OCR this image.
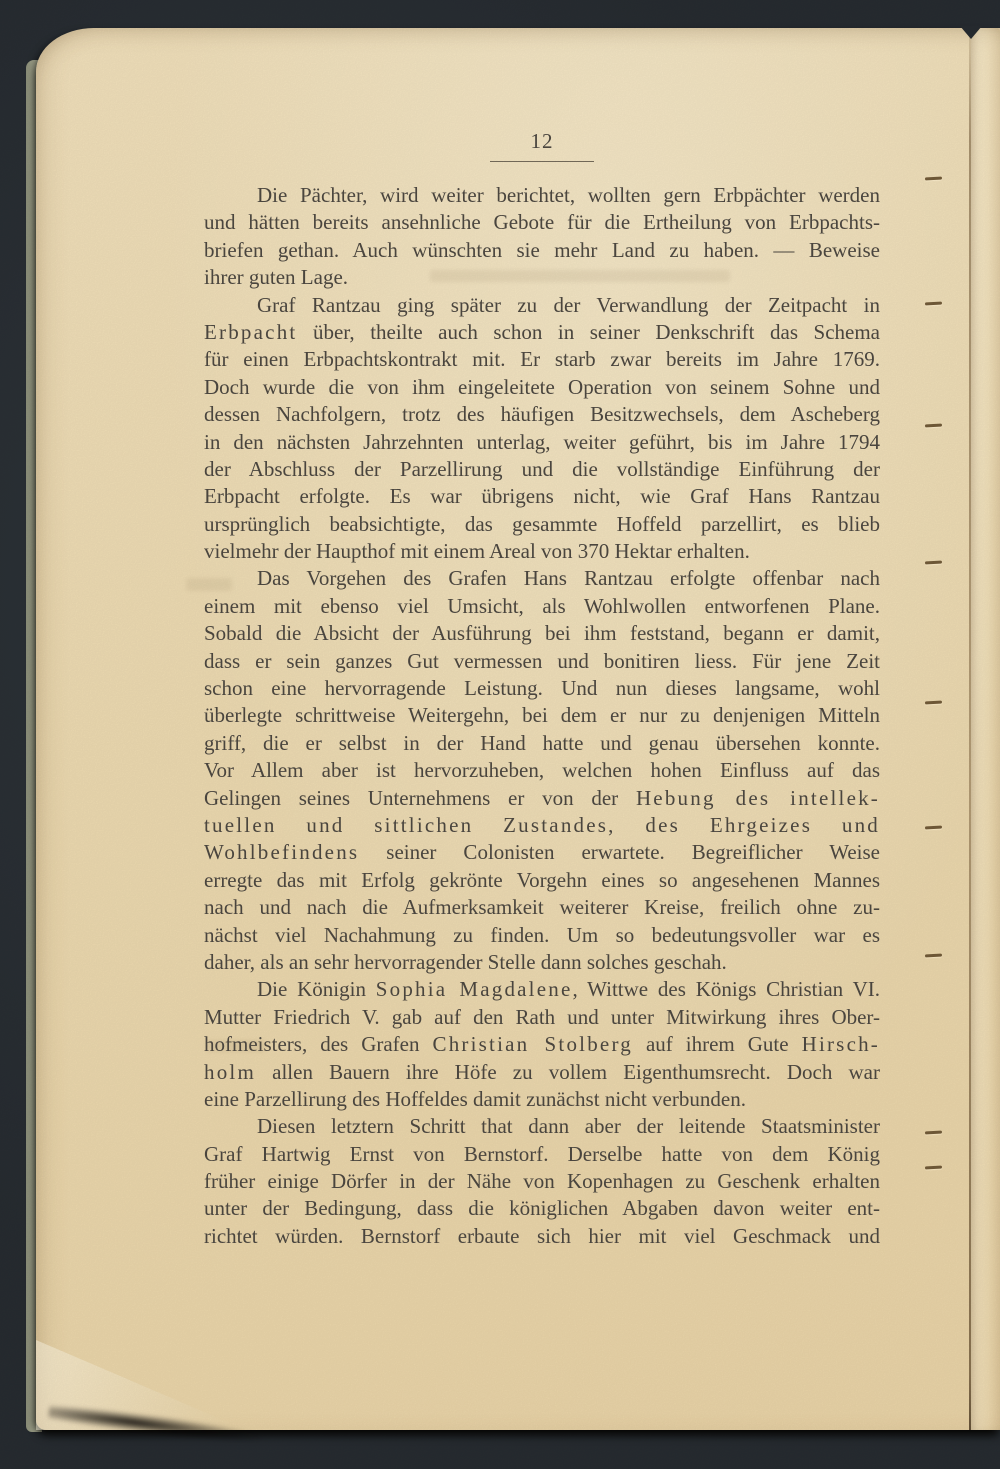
12
Die Pächter, wird weiter berichtet, wollten gern Erbpächter werden
und hätten bereits ansehnliche Gebote für die Ertheilung von Erbpachts-
briefen gethan. Auch wünschten sie mehr Land zu haben. — Beweise
ihrer guten Lage.
Graf Rantzau ging später zu der Verwandlung der Zeitpacht in
Erbpacht über, theilte auch schon in seiner Denkschrift das Schema
für einen Erbpachtskontrakt mit. Er starb zwar bereits im Jahre 1769.
Doch wurde die von ihm eingeleitete Operation von seinem Sohne und
dessen Nachfolgern, trotz des häufigen Besitzwechsels, dem Ascheberg
in den nächsten Jahrzehnten unterlag, weiter geführt, bis im Jahre 1794
der Abschluss der Parzellirung und die vollständige Einführung der
Erbpacht erfolgte. Es war übrigens nicht, wie Graf Hans Rantzau
ursprünglich beabsichtigte, das gesammte Hoffeld parzellirt, es blieb
vielmehr der Haupthof mit einem Areal von 370 Hektar erhalten.
Das Vorgehen des Grafen Hans Rantzau erfolgte offenbar nach
einem mit ebenso viel Umsicht, als Wohlwollen entworfenen Plane.
Sobald die Absicht der Ausführung bei ihm feststand, begann er damit,
dass er sein ganzes Gut vermessen und bonitiren liess. Für jene Zeit
schon eine hervorragende Leistung. Und nun dieses langsame, wohl
überlegte schrittweise Weitergehn, bei dem er nur zu denjenigen Mitteln
griff, die er selbst in der Hand hatte und genau übersehen konnte.
Vor Allem aber ist hervorzuheben, welchen hohen Einfluss auf das
Gelingen seines Unternehmens er von der Hebung des intellek-
tuellen und sittlichen Zustandes, des Ehrgeizes und
Wohlbefindens seiner Colonisten erwartete. Begreiflicher Weise
erregte das mit Erfolg gekrönte Vorgehn eines so angesehenen Mannes
nach und nach die Aufmerksamkeit weiterer Kreise, freilich ohne zu-
nächst viel Nachahmung zu finden. Um so bedeutungsvoller war es
daher, als an sehr hervorragender Stelle dann solches geschah.
Die Königin Sophia Magdalene, Wittwe des Königs Christian VI.
Mutter Friedrich V. gab auf den Rath und unter Mitwirkung ihres Ober-
hofmeisters, des Grafen Christian Stolberg auf ihrem Gute Hirsch-
holm allen Bauern ihre Höfe zu vollem Eigenthumsrecht. Doch war
eine Parzellirung des Hoffeldes damit zunächst nicht verbunden.
Diesen letztern Schritt that dann aber der leitende Staatsminister
Graf Hartwig Ernst von Bernstorf. Derselbe hatte von dem König
früher einige Dörfer in der Nähe von Kopenhagen zu Geschenk erhalten
unter der Bedingung, dass die königlichen Abgaben davon weiter ent-
richtet würden. Bernstorf erbaute sich hier mit viel Geschmack und
